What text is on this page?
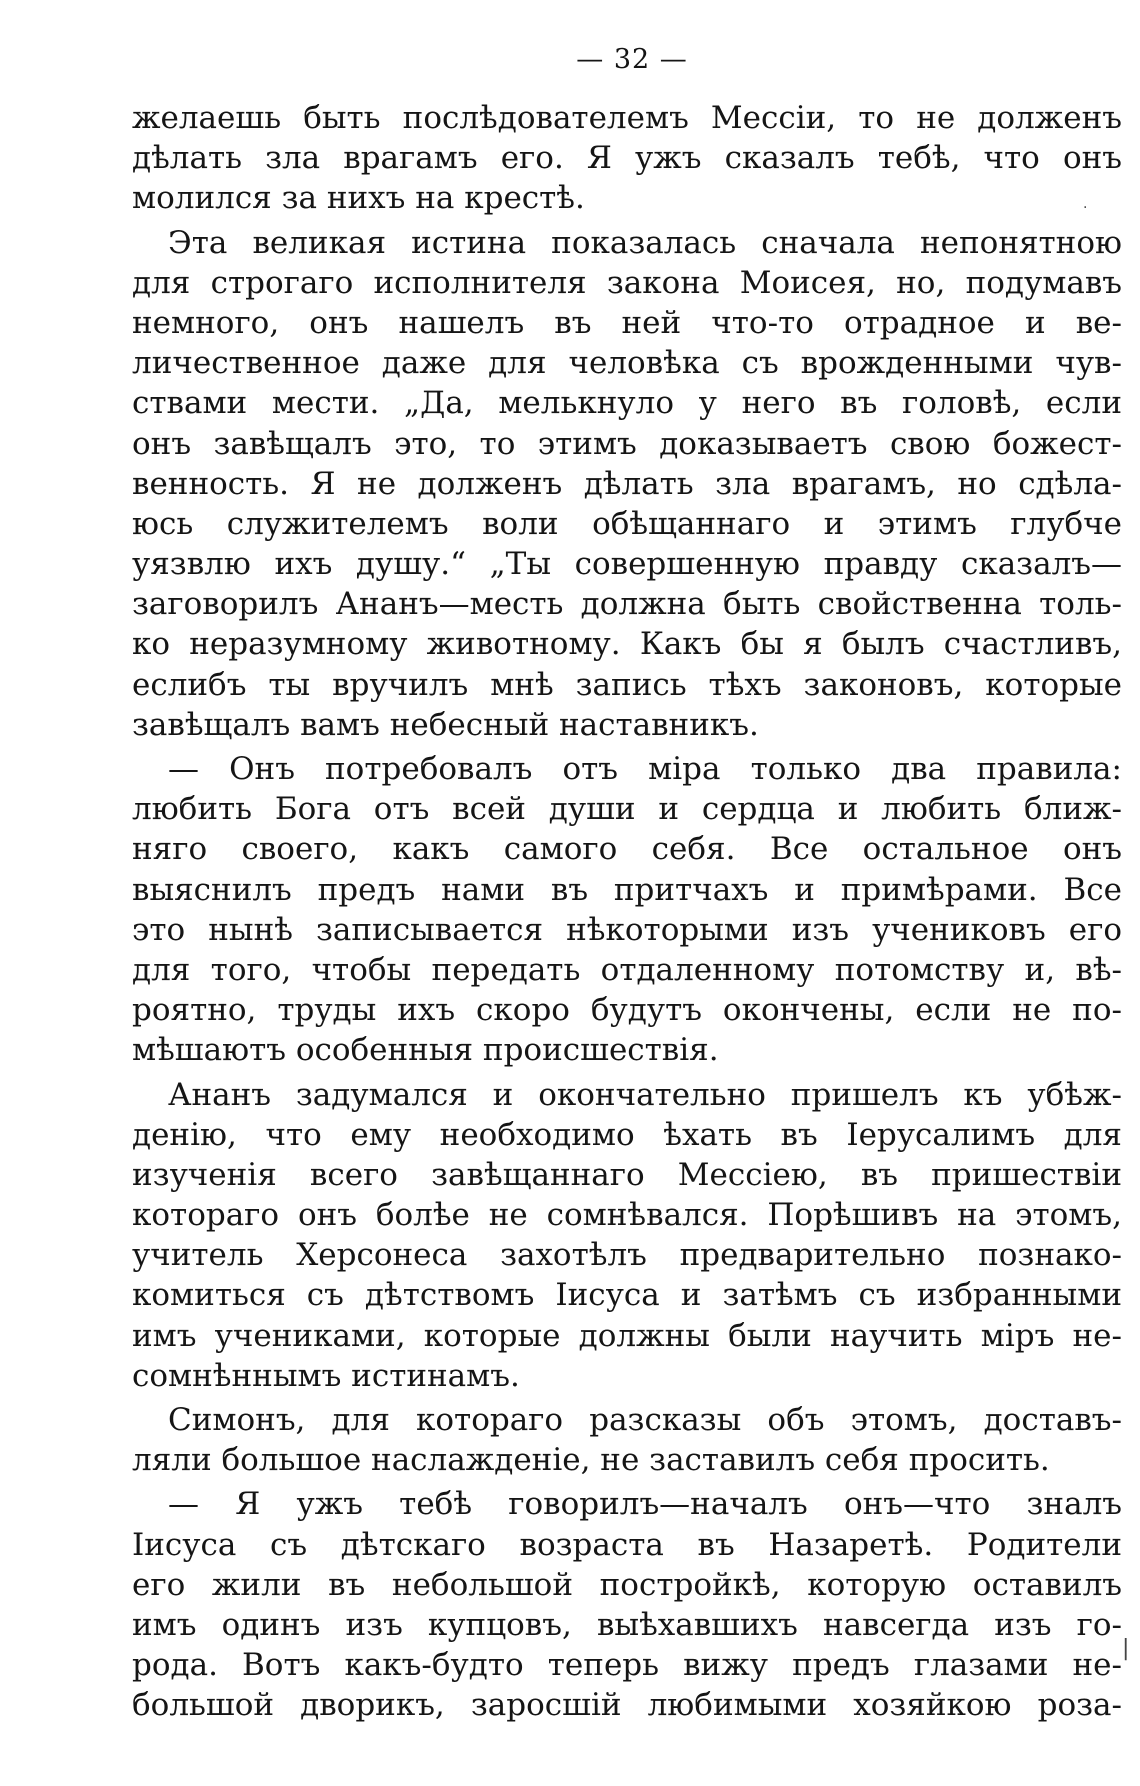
— 32 —
желаешь быть послѣдователемъ Мессіи, то не долженъ
дѣлать зла врагамъ его. Я ужъ сказалъ тебѣ, что онъ
молился за нихъ на крестѣ.
Эта великая истина показалась сначала непонятною
для строгаго исполнителя закона Моисея, но, подумавъ
немного, онъ нашелъ въ ней что-то отрадное и ве-
личественное даже для человѣка съ врожденными чув-
ствами мести. „Да, мелькнуло у него въ головѣ, если
онъ завѣщалъ это, то этимъ доказываетъ свою божест-
венность. Я не долженъ дѣлать зла врагамъ, но сдѣла-
юсь служителемъ воли обѣщаннаго и этимъ глубче
уязвлю ихъ душу.“ „Ты совершенную правду сказалъ—
заговорилъ Ананъ—месть должна быть свойственна толь-
ко неразумному животному. Какъ бы я былъ счастливъ,
еслибъ ты вручилъ мнѣ запись тѣхъ законовъ, которые
завѣщалъ вамъ небесный наставникъ.
— Онъ потребовалъ отъ міра только два правила:
любить Бога отъ всей души и сердца и любить ближ-
няго своего, какъ самого себя. Все остальное онъ
выяснилъ предъ нами въ притчахъ и примѣрами. Все
это нынѣ записывается нѣкоторыми изъ учениковъ его
для того, чтобы передать отдаленному потомству и, вѣ-
роятно, труды ихъ скоро будутъ окончены, если не по-
мѣшаютъ особенныя происшествія.
Ананъ задумался и окончательно пришелъ къ убѣж-
денію, что ему необходимо ѣхать въ Іерусалимъ для
изученія всего завѣщаннаго Мессіею, въ пришествіи
котораго онъ болѣе не сомнѣвался. Порѣшивъ на этомъ,
учитель Херсонеса захотѣлъ предварительно познако-
комиться съ дѣтствомъ Іисуса и затѣмъ съ избранными
имъ учениками, которые должны были научить міръ не-
сомнѣннымъ истинамъ.
Симонъ, для котораго разсказы объ этомъ, доставъ-
ляли большое наслажденіе, не заставилъ себя просить.
— Я ужъ тебѣ говорилъ—началъ онъ—что зналъ
Іисуса съ дѣтскаго возраста въ Назаретѣ. Родители
его жили въ небольшой постройкѣ, которую оставилъ
имъ одинъ изъ купцовъ, выѣхавшихъ навсегда изъ го-
рода. Вотъ какъ-будто теперь вижу предъ глазами не-
большой дворикъ, заросшій любимыми хозяйкою роза-
·
|
